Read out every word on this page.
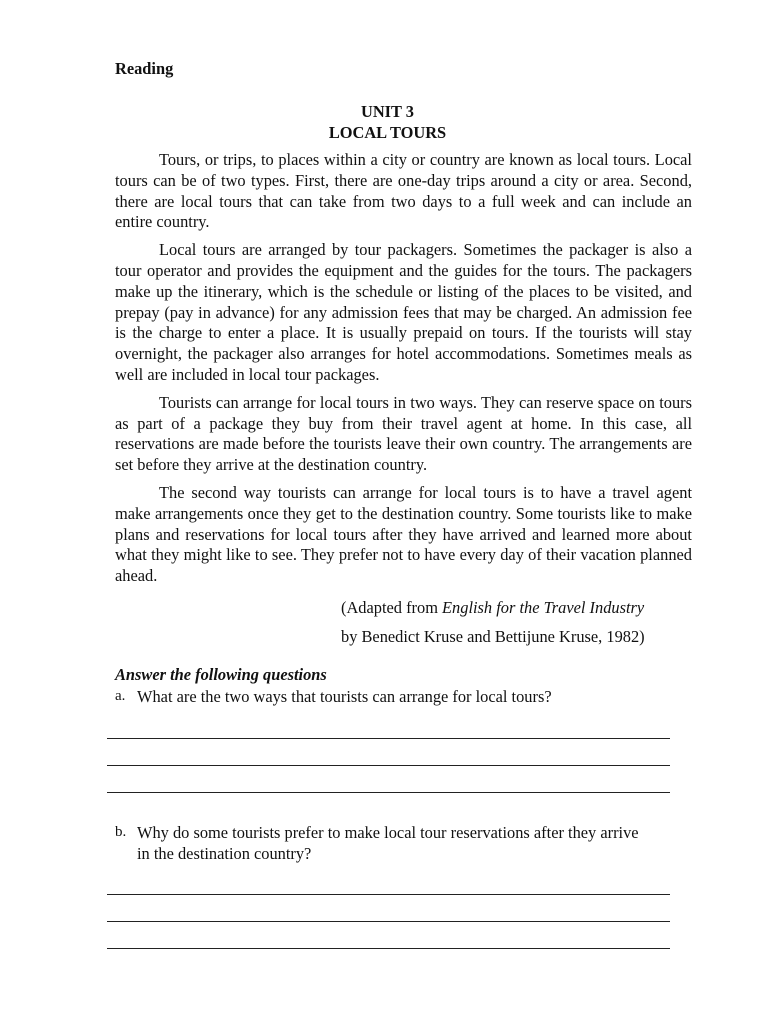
Reading
UNIT 3
LOCAL TOURS

Tours, or trips, to places within a city or country are known as local tours. Local tours can be of two types. First, there are one-day trips around a city or area. Second, there are local tours that can take from two days to a full week and can include an entire country.

Local tours are arranged by tour packagers. Sometimes the packager is also a tour operator and provides the equipment and the guides for the tours. The packagers make up the itinerary, which is the schedule or listing of the places to be visited, and prepay (pay in advance) for any admission fees that may be charged. An admission fee is the charge to enter a place. It is usually prepaid on tours. If the tourists will stay overnight, the packager also arranges for hotel accommodations. Sometimes meals as well are included in local tour packages.

Tourists can arrange for local tours in two ways. They can reserve space on tours as part of a package they buy from their travel agent at home. In this case, all reservations are made before the tourists leave their own country. The arrangements are set before they arrive at the destination country.

The second way tourists can arrange for local tours is to have a travel agent make arrangements once they get to the destination country. Some tourists like to make plans and reservations for local tours after they have arrived and learned more about what they might like to see. They prefer not to have every day of their vacation planned ahead.

(Adapted from English for the Travel Industry
by Benedict Kruse and Bettijune Kruse, 1982)
Answer the following questions
a. What are the two ways that tourists can arrange for local tours?
b. Why do some tourists prefer to make local tour reservations after they arrive in the destination country?
